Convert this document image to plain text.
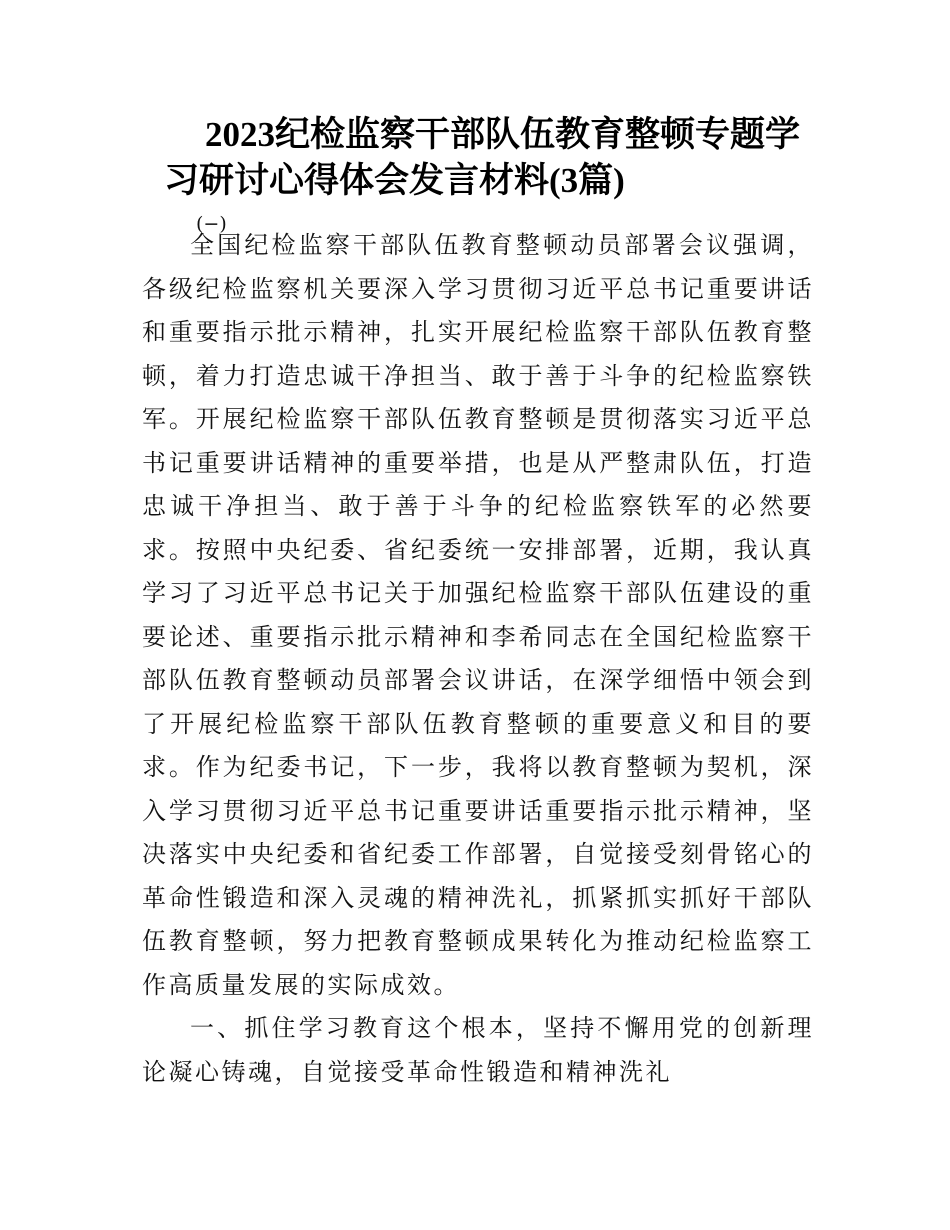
2023纪检监察干部队伍教育整顿专题学
习研讨心得体会发言材料(3篇)
(−)

全国纪检监察干部队伍教育整顿动员部署会议强调，各级纪检监察机关要深入学习贯彻习近平总书记重要讲话和重要指示批示精神，扎实开展纪检监察干部队伍教育整顿，着力打造忠诚干净担当、敢于善于斗争的纪检监察铁军。开展纪检监察干部队伍教育整顿是贯彻落实习近平总书记重要讲话精神的重要举措，也是从严整肃队伍，打造忠诚干净担当、敢于善于斗争的纪检监察铁军的必然要求。按照中央纪委、省纪委统一安排部署，近期，我认真学习了习近平总书记关于加强纪检监察干部队伍建设的重要论述、重要指示批示精神和李希同志在全国纪检监察干部队伍教育整顿动员部署会议讲话，在深学细悟中领会到了开展纪检监察干部队伍教育整顿的重要意义和目的要求。作为纪委书记，下一步，我将以教育整顿为契机，深入学习贯彻习近平总书记重要讲话重要指示批示精神，坚决落实中央纪委和省纪委工作部署，自觉接受刻骨铭心的革命性锻造和深入灵魂的精神洗礼，抓紧抓实抓好干部队伍教育整顿，努力把教育整顿成果转化为推动纪检监察工作高质量发展的实际成效。

一、抓住学习教育这个根本，坚持不懈用党的创新理论凝心铸魂，自觉接受革命性锻造和精神洗礼
